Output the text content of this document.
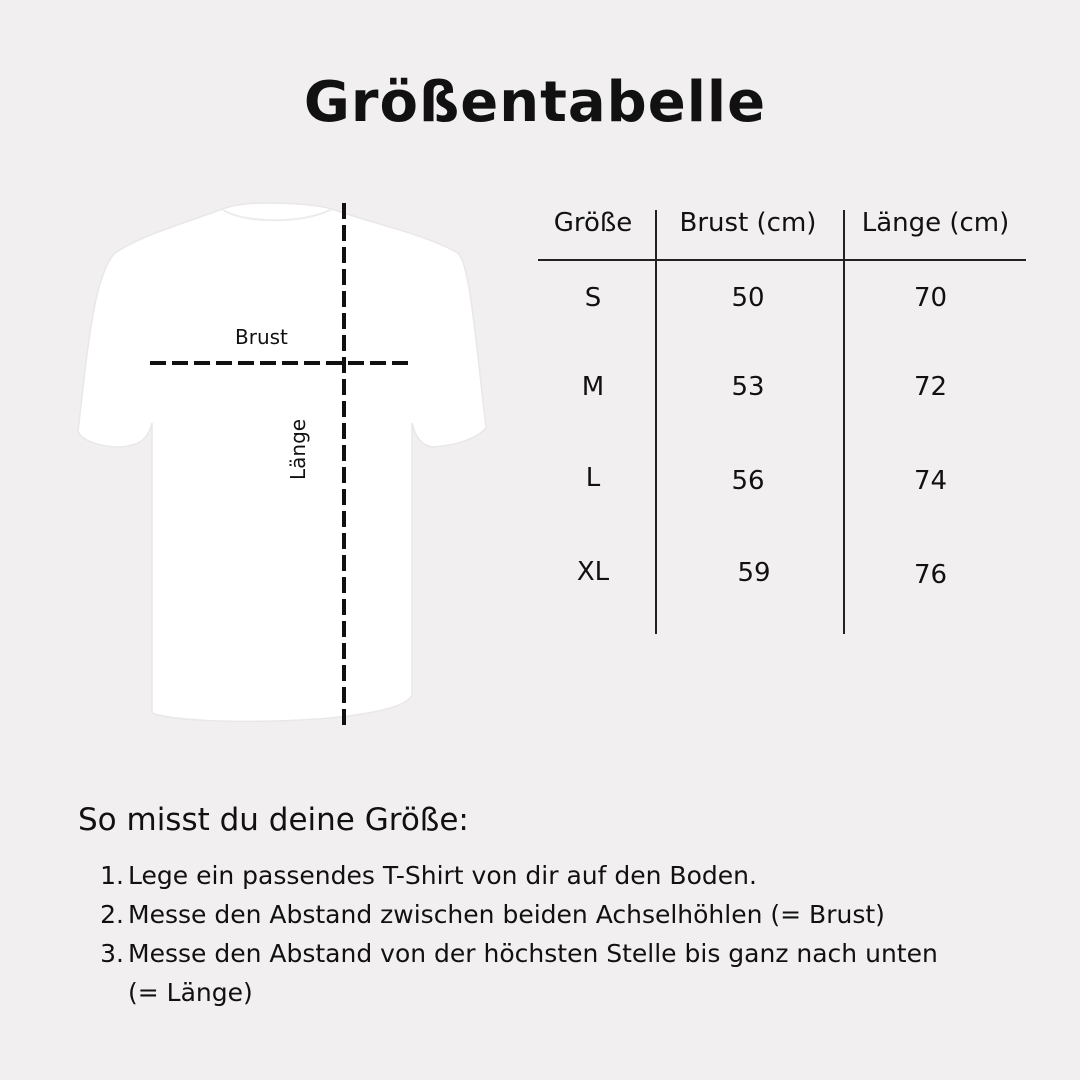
Größentabelle
Brust
Länge
Größe	Brust (cm)	Länge (cm)
S	50	70
M	53	72
L	56	74
XL	59	76
So misst du deine Größe:
1. Lege ein passendes T-Shirt von dir auf den Boden.
2. Messe den Abstand zwischen beiden Achselhöhlen (= Brust)
3. Messe den Abstand von der höchsten Stelle bis ganz nach unten (= Länge)
